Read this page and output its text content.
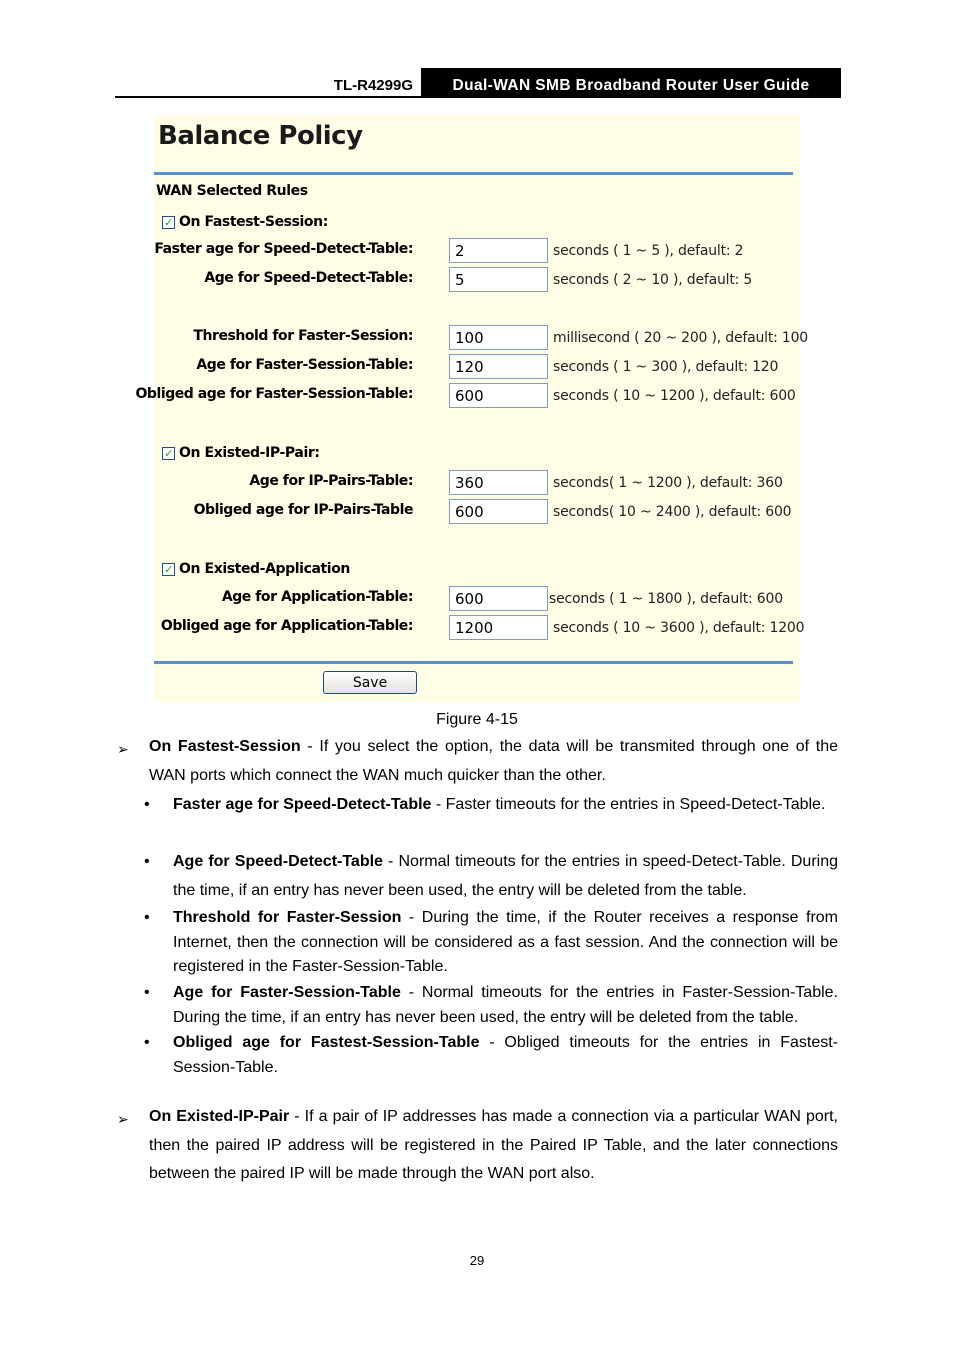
TL-R4299G	Dual-WAN SMB Broadband Router User Guide
Balance Policy
WAN Selected Rules
✓ On Fastest-Session:
Faster age for Speed-Detect-Table:	2	seconds ( 1 ~ 5 ), default: 2
Age for Speed-Detect-Table:	5	seconds ( 2 ~ 10 ), default: 5
Threshold for Faster-Session:	100	millisecond ( 20 ~ 200 ), default: 100
Age for Faster-Session-Table:	120	seconds ( 1 ~ 300 ), default: 120
Obliged age for Faster-Session-Table:	600	seconds ( 10 ~ 1200 ), default: 600
✓ On Existed-IP-Pair:
Age for IP-Pairs-Table:	360	seconds( 1 ~ 1200 ), default: 360
Obliged age for IP-Pairs-Table	600	seconds( 10 ~ 2400 ), default: 600
✓ On Existed-Application
Age for Application-Table:	600	seconds ( 1 ~ 1800 ), default: 600
Obliged age for Application-Table:	1200	seconds ( 10 ~ 3600 ), default: 1200
Save
Figure 4-15
➢ On Fastest-Session - If you select the option, the data will be transmited through one of the WAN ports which connect the WAN much quicker than the other.
• Faster age for Speed-Detect-Table - Faster timeouts for the entries in Speed-Detect-Table.
• Age for Speed-Detect-Table - Normal timeouts for the entries in speed-Detect-Table. During the time, if an entry has never been used, the entry will be deleted from the table.
• Threshold for Faster-Session - During the time, if the Router receives a response from Internet, then the connection will be considered as a fast session. And the connection will be registered in the Faster-Session-Table.
• Age for Faster-Session-Table - Normal timeouts for the entries in Faster-Session-Table. During the time, if an entry has never been used, the entry will be deleted from the table.
• Obliged age for Fastest-Session-Table - Obliged timeouts for the entries in Fastest-Session-Table.
➢ On Existed-IP-Pair - If a pair of IP addresses has made a connection via a particular WAN port, then the paired IP address will be registered in the Paired IP Table, and the later connections between the paired IP will be made through the WAN port also.
29
